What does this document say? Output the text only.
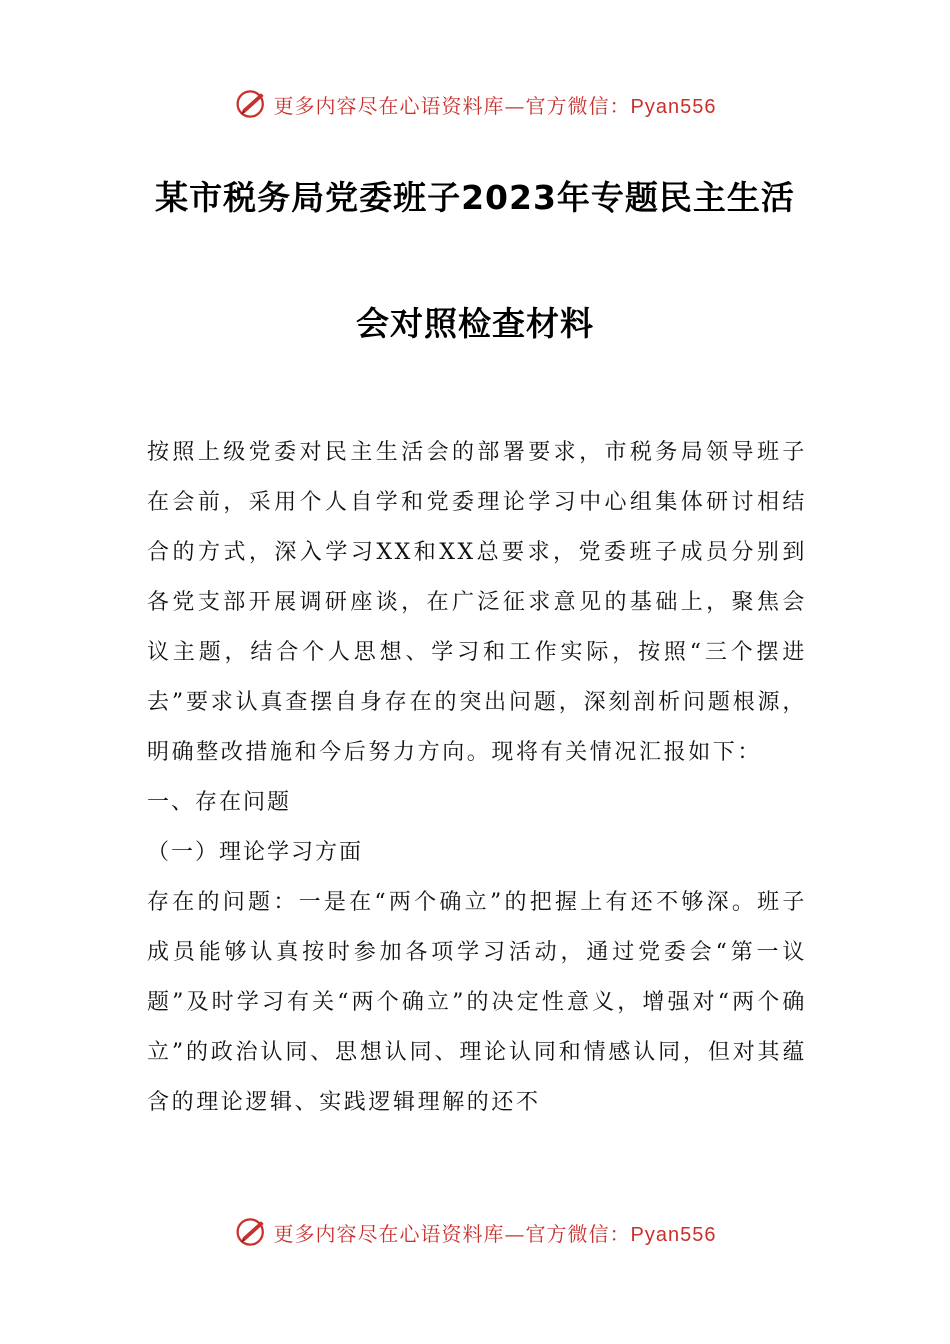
更多内容尽在心语资料库—官方微信：Pyan556
某市税务局党委班子2023年专题民主生活
会对照检查材料

按照上级党委对民主生活会的部署要求，市税务局领导班子在会前，采用个人自学和党委理论学习中心组集体研讨相结合的方式，深入学习XX和XX总要求，党委班子成员分别到各党支部开展调研座谈，在广泛征求意见的基础上，聚焦会议主题，结合个人思想、学习和工作实际，按照“三个摆进去”要求认真查摆自身存在的突出问题，深刻剖析问题根源，明确整改措施和今后努力方向。现将有关情况汇报如下：

一、存在问题

（一）理论学习方面

存在的问题：一是在“两个确立”的把握上有还不够深。班子成员能够认真按时参加各项学习活动，通过党委会“第一议题”及时学习有关“两个确立”的决定性意义，增强对“两个确立”的政治认同、思想认同、理论认同和情感认同，但对其蕴含的理论逻辑、实践逻辑理解的还不

更多内容尽在心语资料库—官方微信：Pyan556
